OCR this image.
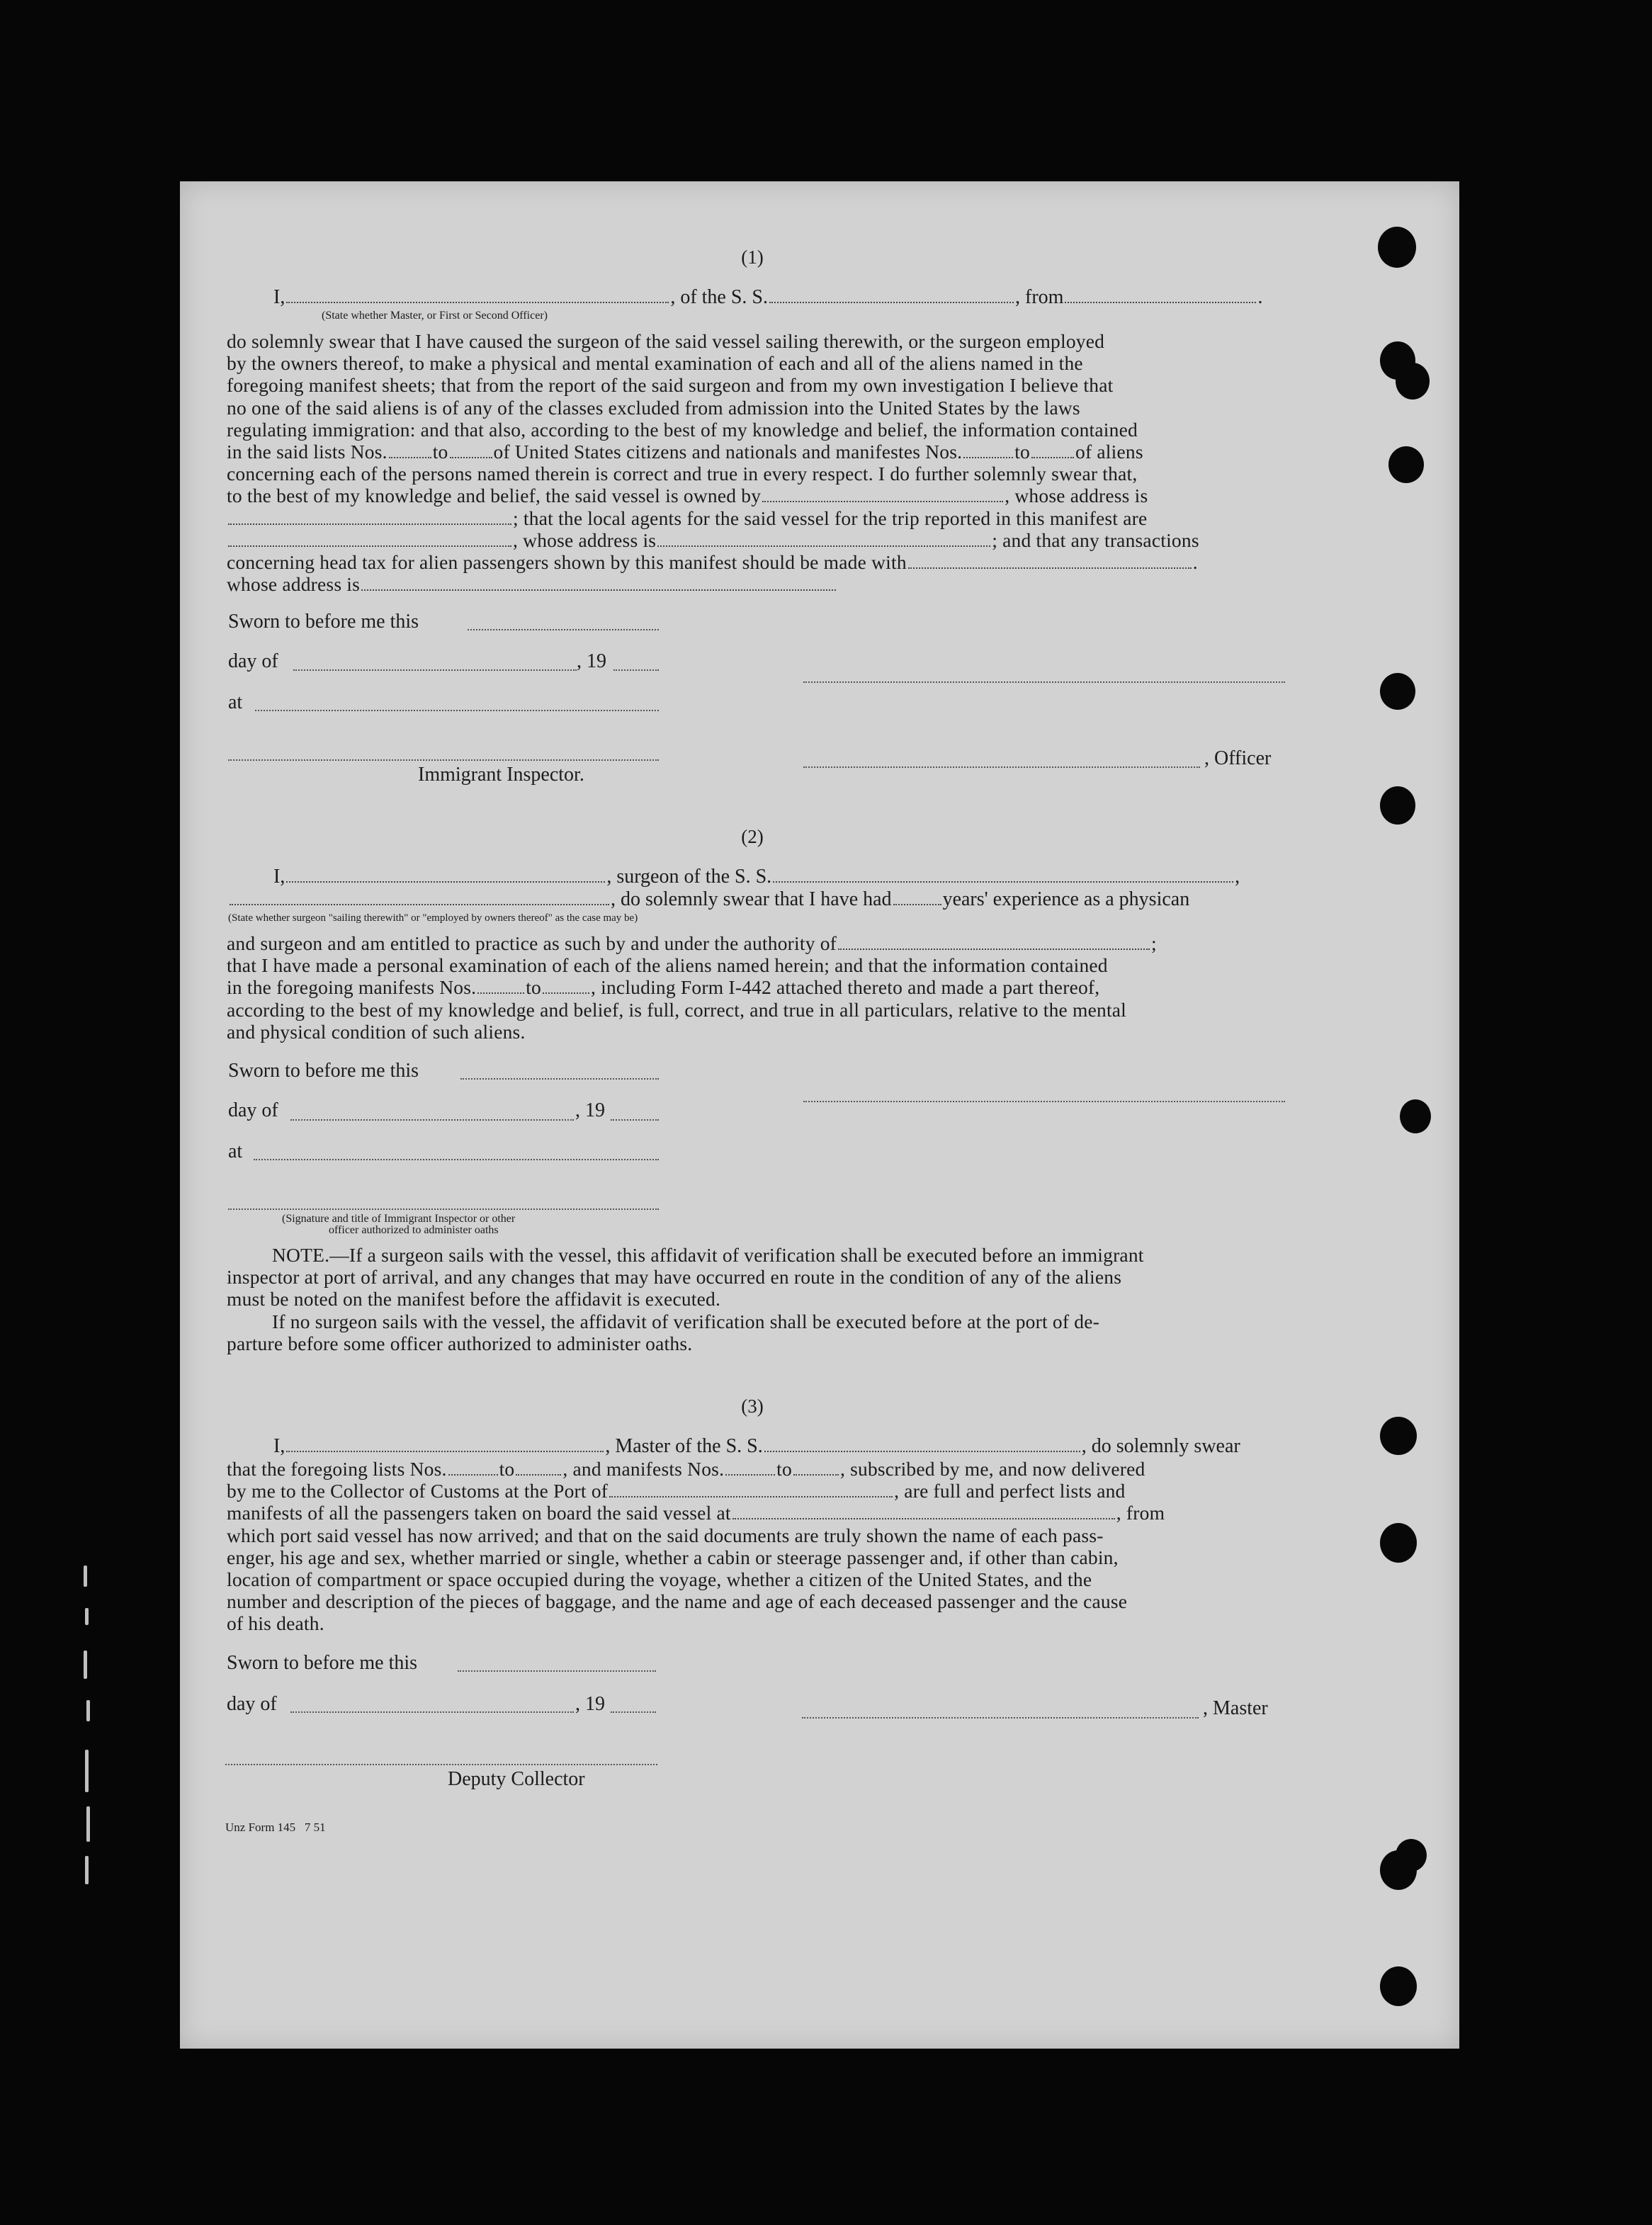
(1)
I,	, of the S. S.	, from	.
(State whether Master, or First or Second Officer)

do solemnly swear that I have caused the surgeon of the said vessel sailing therewith, or the surgeon employed
by the owners thereof, to make a physical and mental examination of each and all of the aliens named in the
foregoing manifest sheets; that from the report of the said surgeon and from my own investigation I believe that
no one of the said aliens is of any of the classes excluded from admission into the United States by the laws
regulating immigration: and that also, according to the best of my knowledge and belief, the information contained
in the said lists Nos. to of United States citizens and nationals and manifestes Nos.	to of aliens
concerning each of the persons named therein is correct and true in every respect. I do further solemnly swear that,
to the best of my knowledge and belief, the said vessel is owned by	, whose address is
; that the local agents for the said vessel for the trip reported in this manifest are
, whose address is	; and that any transactions
concerning head tax for alien passengers shown by this manifest should be made with	.
whose address is

Sworn to before me this
day of	, 19
at
, Officer
Immigrant Inspector.
(2)
I,	, surgeon of the S. S.	,
, do solemnly swear that I have had	years' experience as a physican
(State whether surgeon "sailing therewith" or "employed by owners thereof" as the case may be)

and surgeon and am entitled to practice as such by and under the authority of	;
that I have made a personal examination of each of the aliens named herein; and that the information contained
in the foregoing manifests Nos.	to	, including Form I-442 attached thereto and made a part thereof,
according to the best of my knowledge and belief, is full, correct, and true in all particulars, relative to the mental
and physical condition of such aliens.

Sworn to before me this
day of	, 19
at
(Signature and title of Immigrant Inspector or other
officer authorized to administer oaths

NOTE.—If a surgeon sails with the vessel, this affidavit of verification shall be executed before an immigrant
inspector at port of arrival, and any changes that may have occurred en route in the condition of any of the aliens
must be noted on the manifest before the affidavit is executed.
If no surgeon sails with the vessel, the affidavit of verification shall be executed before at the port of de-
parture before some officer authorized to administer oaths.

(3)
I,	, Master of the S. S.	, do solemnly swear

that the foregoing lists Nos.	to , and manifests Nos.	to , subscribed by me, and now delivered
by me to the Collector of Customs at the Port of	, are full and perfect lists and
manifests of all the passengers taken on board the said vessel at	, from
which port said vessel has now arrived; and that on the said documents are truly shown the name of each pass-
enger, his age and sex, whether married or single, whether a cabin or steerage passenger and, if other than cabin,
location of compartment or space occupied during the voyage, whether a citizen of the United States, and the
number and description of the pieces of baggage, and the name and age of each deceased passenger and the cause
of his death.

Sworn to before me this
day of	, 19	, Master
Deputy Collector
Unz Form 145   7 51
